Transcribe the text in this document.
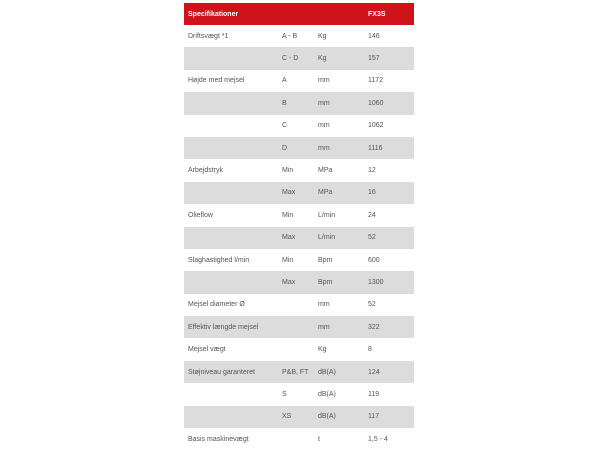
Specifikationer			FX3S
Driftsvægt *1	A - B	Kg	146
	C - D	Kg	157
Højde med mejsel	A	mm	1172
	B	mm	1060
	C	mm	1062
	D	mm	1116
Arbejdstryk	Min	MPa	12
	Max	MPa	16
Olieflow	Min	L/min	24
	Max	L/min	52
Slaghastighed l/min	Min	Bpm	600
	Max	Bpm	1300
Mejsel diameter Ø		mm	52
Effektiv længde mejsel		mm	322
Mejsel vægt		Kg	8
Støjniveau garanteret	P&B, FT	dB(A)	124
	S	dB(A)	119
	XS	dB(A)	117
Basis maskinevægt		t	1,5 - 4
